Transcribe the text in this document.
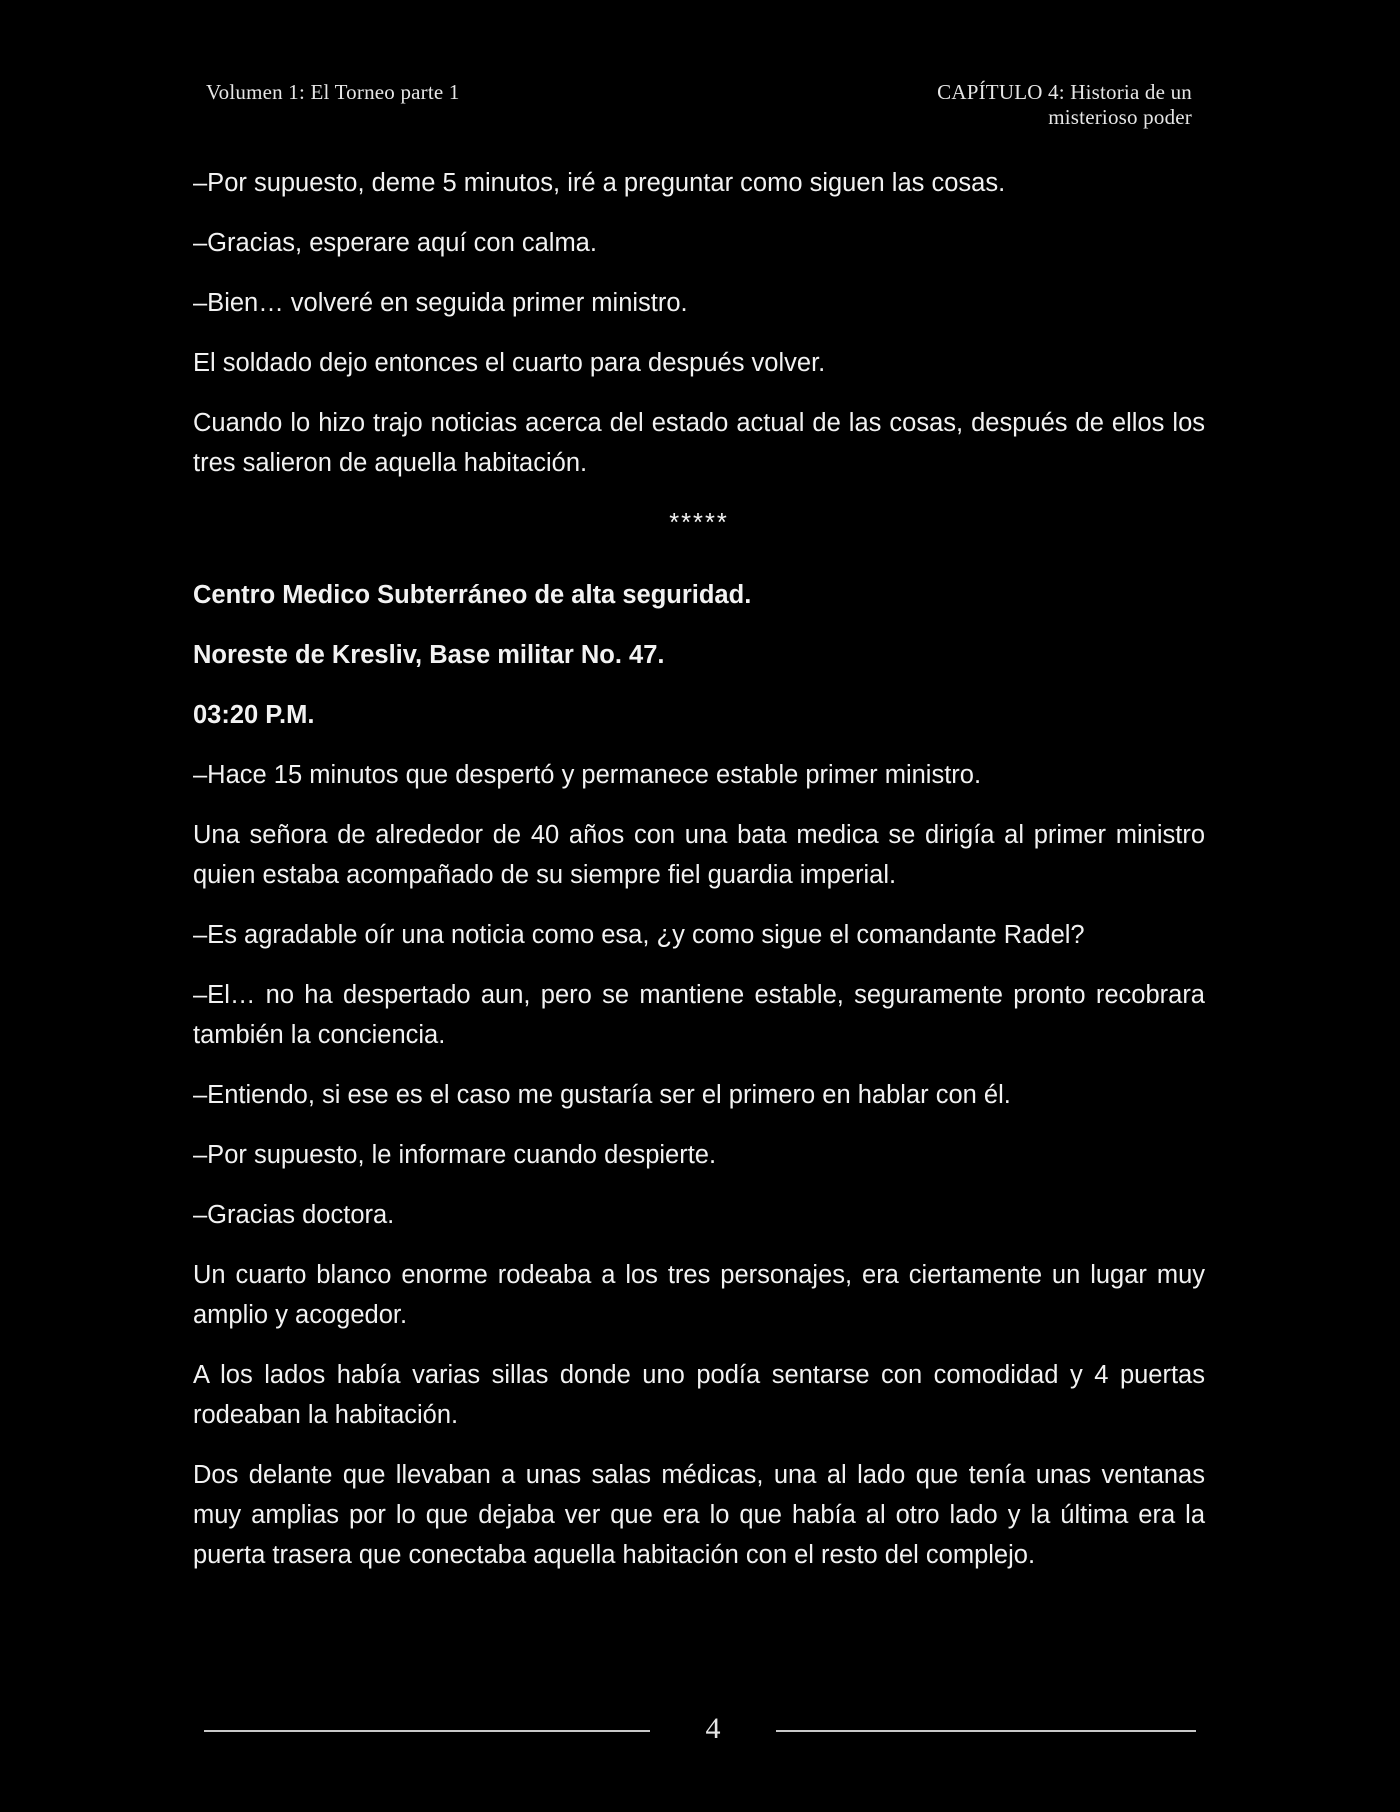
Volumen 1: El Torneo parte 1	CAPÍTULO 4: Historia de un
misterioso poder

–Por supuesto, deme 5 minutos, iré a preguntar como siguen las cosas.

–Gracias, esperare aquí con calma.

–Bien… volveré en seguida primer ministro.

El soldado dejo entonces el cuarto para después volver.

Cuando lo hizo trajo noticias acerca del estado actual de las cosas, después de ellos los tres salieron de aquella habitación.

*****

Centro Medico Subterráneo de alta seguridad.

Noreste de Kresliv, Base militar No. 47.

03:20 P.M.

–Hace 15 minutos que despertó y permanece estable primer ministro.

Una señora de alrededor de 40 años con una bata medica se dirigía al primer ministro quien estaba acompañado de su siempre fiel guardia imperial.

–Es agradable oír una noticia como esa, ¿y como sigue el comandante Radel?

–El… no ha despertado aun, pero se mantiene estable, seguramente pronto recobrara también la conciencia.

–Entiendo, si ese es el caso me gustaría ser el primero en hablar con él.

–Por supuesto, le informare cuando despierte.

–Gracias doctora.

Un cuarto blanco enorme rodeaba a los tres personajes, era ciertamente un lugar muy amplio y acogedor.

A los lados había varias sillas donde uno podía sentarse con comodidad y 4 puertas rodeaban la habitación.

Dos delante que llevaban a unas salas médicas, una al lado que tenía unas ventanas muy amplias por lo que dejaba ver que era lo que había al otro lado y la última era la puerta trasera que conectaba aquella habitación con el resto del complejo.

4
